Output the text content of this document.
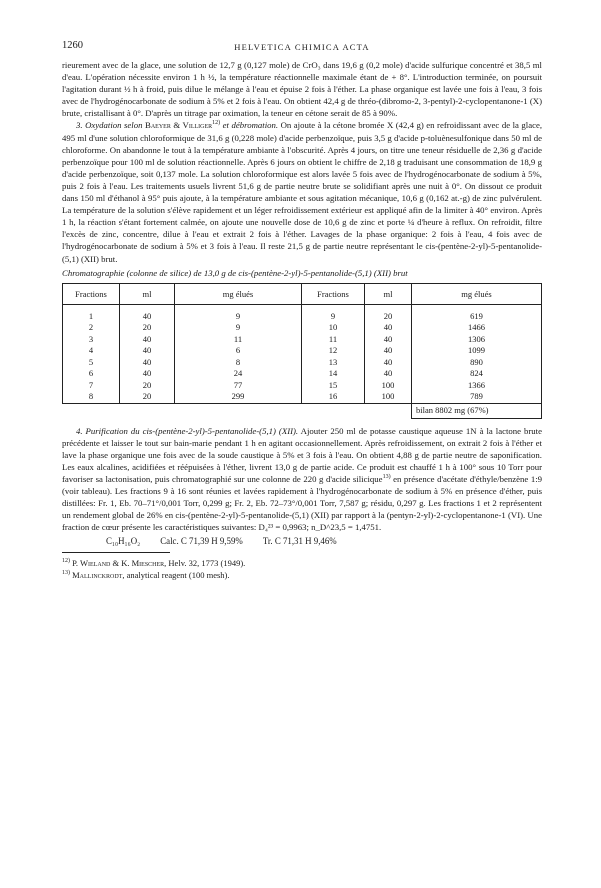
1260	HELVETICA CHIMICA ACTA

rieurement avec de la glace, une solution de 12,7 g (0,127 mole) de CrO₃ dans 19,6 g (0,2 mole) d'acide sulfurique concentré et 38,5 ml d'eau. L'opération nécessite environ 1 h ½, la température réactionnelle maximale étant de + 8°. L'introduction terminée, on poursuit l'agitation durant ½ h à froid, puis dilue le mélange à l'eau et épuise 2 fois à l'éther. La phase organique est lavée une fois à l'eau, 3 fois avec de l'hydrogénocarbonate de sodium à 5% et 2 fois à l'eau. On obtient 42,4 g de thréo-(dibromo-2, 3-pentyl)-2-cyclopentanone-1 (X) brute, cristallisant à 0°. D'après un titrage par oximation, la teneur en cétone serait de 85 à 90%.

3. Oxydation selon Baeyer & Villiger$^{12)}$ et débromation. On ajoute à la cétone bromée X (42,4 g) en refroidissant avec de la glace, 495 ml d'une solution chloroformique de 31,6 g (0,228 mole) d'acide perbenzoïque, puis 3,5 g d'acide p-toluènesulfonique dans 50 ml de chloroforme. On abandonne le tout à la température ambiante à l'obscurité. Après 4 jours, on titre une teneur résiduelle de 2,36 g d'acide perbenzoïque pour 100 ml de solution réactionnelle. Après 6 jours on obtient le chiffre de 2,18 g traduisant une consommation de 18,9 g d'acide perbenzoïque, soit 0,137 mole. La solution chloroformique est alors lavée 5 fois avec de l'hydrogénocarbonate de sodium à 5%, puis 2 fois à l'eau. Les traitements usuels livrent 51,6 g de partie neutre brute se solidifiant après une nuit à 0°. On dissout ce produit dans 150 ml d'éthanol à 95° puis ajoute, à la température ambiante et sous agitation mécanique, 10,6 g (0,162 at.-g) de zinc pulvérulent. La température de la solution s'élève rapidement et un léger refroidissement extérieur est appliqué afin de la limiter à 40° environ. Après 1 h, la réaction s'étant fortement calmée, on ajoute une nouvelle dose de 10,6 g de zinc et porte ¼ d'heure à reflux. On refroidit, filtre l'excès de zinc, concentre, dilue à l'eau et extrait 2 fois à l'éther. Lavages de la phase organique: 2 fois à l'eau, 4 fois avec de l'hydrogénocarbonate de sodium à 5% et 3 fois à l'eau. Il reste 21,5 g de partie neutre représentant le cis-(pentène-2-yl)-5-pentanolide-(5,1) (XII) brut.

Chromatographie (colonne de silice) de 13,0 g de cis-(pentène-2-yl)-5-pentanolide-(5,1) (XII) brut
Fractions	ml	mg élués	Fractions	ml	mg élués

1	40	9	9	20	619
2	20	9	10	40	1466
3	40	11	11	40	1306
4	40	6	12	40	1099
5	40	8	13	40	890
6	40	24	14	40	824
7	20	77	15	100	1366
8	20	299	16	100	789
					bilan 8802 mg (67%)

4. Purification du cis-(pentène-2-yl)-5-pentanolide-(5,1) (XII). Ajouter 250 ml de potasse caustique aqueuse 1N à la lactone brute précédente et laisser le tout sur bain-marie pendant 1 h en agitant occasionnellement. Après refroidissement, on extrait 2 fois à l'éther et lave la phase organique une fois avec de la soude caustique à 5% et 3 fois à l'eau. On obtient 4,88 g de partie neutre de saponification. Les eaux alcalines, acidifiées et réépuisées à l'éther, livrent 13,0 g de partie acide. Ce produit est chauffé 1 h à 100° sous 10 Torr pour favoriser sa lactonisation, puis chromatographié sur une colonne de 220 g d'acide silicique$^{13)}$ en présence d'acétate d'éthyle/benzène 1:9 (voir tableau). Les fractions 9 à 16 sont réunies et lavées rapidement à l'hydrogénocarbonate de sodium à 5% en présence d'éther, puis distillées: Fr. 1, Eb. 70–71°/0,001 Torr, 0,299 g; Fr. 2, Eb. 72–73°/0,001 Torr, 7,587 g; résidu, 0,297 g. Les fractions 1 et 2 représentent un rendement global de 26% en cis-(pentène-2-yl)-5-pentanolide-(5,1) (XII) par rapport à la (pentyn-2-yl)-2-cyclopentanone-1 (VI). Une fraction de cœur présente les caractéristiques suivantes: D₄²³ = 0,9963; n_D^23,5 = 1,4751.

C₁₀H₁₆O₂ Calc. C 71,39 H 9,59% Tr. C 71,31 H 9,46%
$^{12)}$ P. Wieland & K. Miescher, Helv. 32, 1773 (1949).
$^{13)}$ Mallinckrodt, analytical reagent (100 mesh).
